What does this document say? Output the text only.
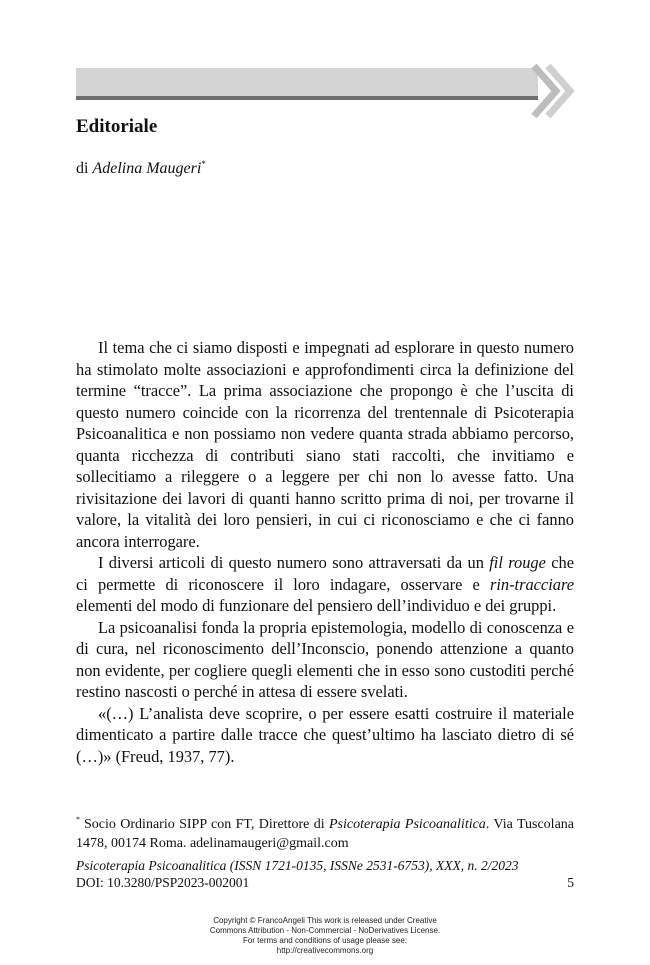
Editoriale
di Adelina Maugeri*

Il tema che ci siamo disposti e impegnati ad esplorare in questo numero ha stimolato molte associazioni e approfondimenti circa la definizione del termine “tracce”. La prima associazione che propongo è che l’uscita di questo numero coincide con la ricorrenza del trentennale di Psicoterapia Psicoanalitica e non possiamo non vedere quanta strada abbiamo percorso, quanta ricchezza di contributi siano stati raccolti, che invitiamo e sollecitiamo a rileggere o a leggere per chi non lo avesse fatto. Una rivisitazione dei lavori di quanti hanno scritto prima di noi, per trovarne il valore, la vitalità dei loro pensieri, in cui ci riconosciamo e che ci fanno ancora interrogare.

I diversi articoli di questo numero sono attraversati da un fil rouge che ci permette di riconoscere il loro indagare, osservare e rin-tracciare elementi del modo di funzionare del pensiero dell’individuo e dei gruppi.

La psicoanalisi fonda la propria epistemologia, modello di conoscenza e di cura, nel riconoscimento dell’Inconscio, ponendo attenzione a quanto non evidente, per cogliere quegli elementi che in esso sono custoditi perché restino nascosti o perché in attesa di essere svelati.

«(…) L’analista deve scoprire, o per essere esatti costruire il materiale dimenticato a partire dalle tracce che quest’ultimo ha lasciato dietro di sé (…)» (Freud, 1937, 77).

* Socio Ordinario SIPP con FT, Direttore di Psicoterapia Psicoanalitica. Via Tuscolana 1478, 00174 Roma. adelinamaugeri@gmail.com
Psicoterapia Psicoanalitica (ISSN 1721-0135, ISSNe 2531-6753), XXX, n. 2/2023
DOI: 10.3280/PSP2023-002001	5
Copyright © FrancoAngeli This work is released under Creative
Commons Attribution - Non-Commercial - NoDerivatives License.
For terms and conditions of usage please see:
http://creativecommons.org
